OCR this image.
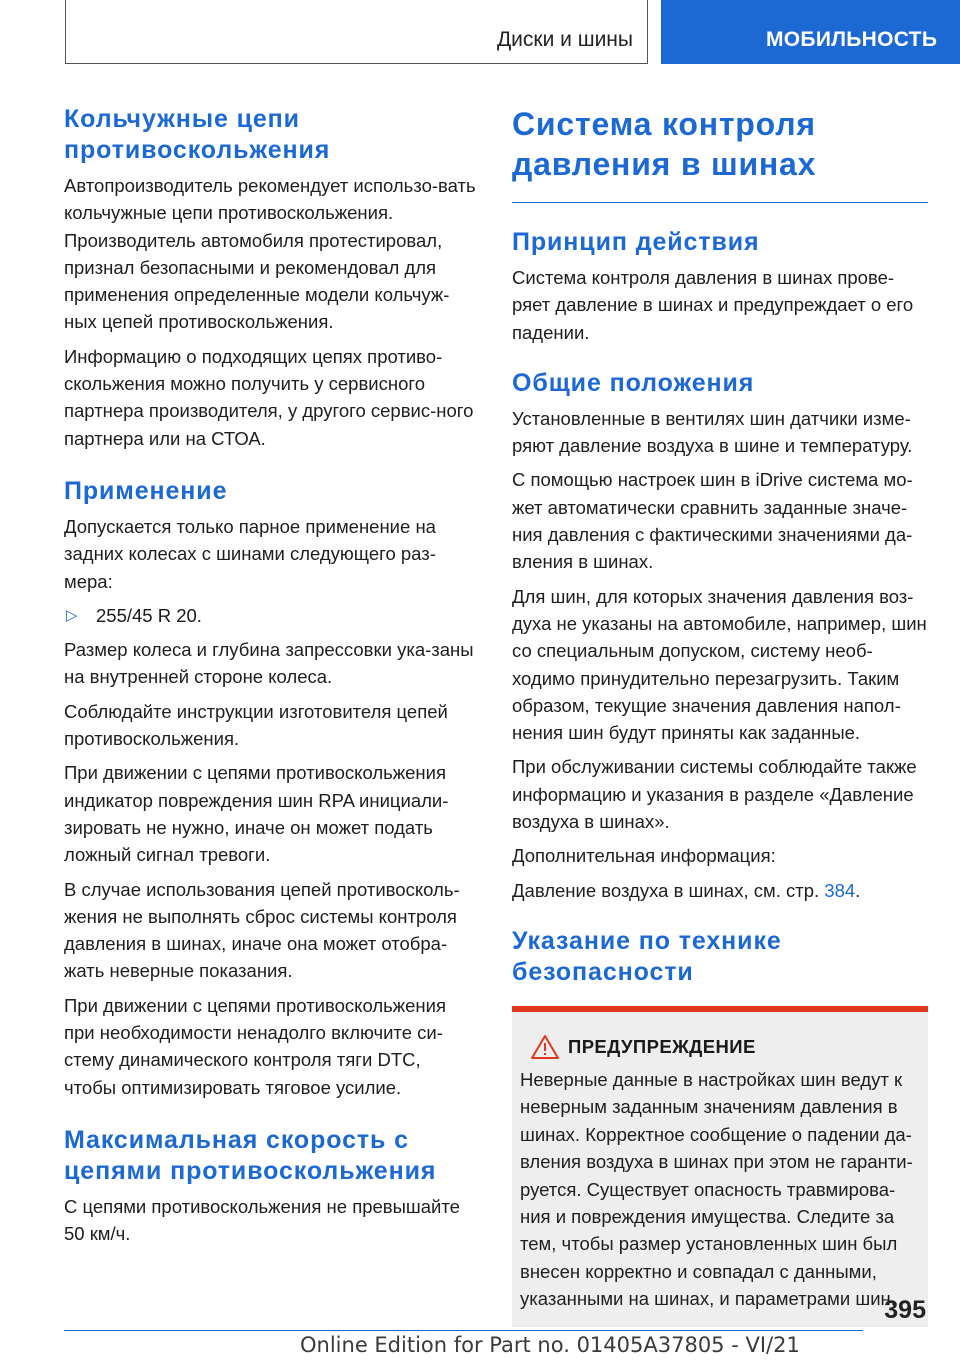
Диски и шины	МОБИЛЬНОСТЬ
Кольчужные цепи противоскольжения

Автопроизводитель рекомендует использо-вать кольчужные цепи противоскольжения. Производитель автомобиля протестировал, признал безопасными и рекомендовал для применения определенные модели кольчуж-ных цепей противоскольжения.

Информацию о подходящих цепях противо-скольжения можно получить у сервисного партнера производителя, у другого сервис-ного партнера или на СТОА.

Применение

Допускается только парное применение на задних колесах с шинами следующего раз-мера:

▷ 255/45 R 20.

Размер колеса и глубина запрессовки ука-заны на внутренней стороне колеса.

Соблюдайте инструкции изготовителя цепей противоскольжения.

При движении с цепями противоскольжения индикатор повреждения шин RPA инициали-зировать не нужно, иначе он может подать ложный сигнал тревоги.

В случае использования цепей противосколь-жения не выполнять сброс системы контроля давления в шинах, иначе она может отобра-жать неверные показания.

При движении с цепями противоскольжения при необходимости ненадолго включите си-стему динамического контроля тяги DTC, чтобы оптимизировать тяговое усилие.

Максимальная скорость с цепями противоскольжения

С цепями противоскольжения не превышайте 50 км/ч.

Система контроля давления в шинах
Принцип действия

Система контроля давления в шинах прове-ряет давление в шинах и предупреждает о его падении.

Общие положения

Установленные в вентилях шин датчики изме-ряют давление воздуха в шине и температуру.

С помощью настроек шин в iDrive система мо-жет автоматически сравнить заданные значе-ния давления с фактическими значениями да-вления в шинах.

Для шин, для которых значения давления воз-духа не указаны на автомобиле, например, шин со специальным допуском, систему необ-ходимо принудительно перезагрузить. Таким образом, текущие значения давления напол-нения шин будут приняты как заданные.

При обслуживании системы соблюдайте также информацию и указания в разделе «Давление воздуха в шинах».

Дополнительная информация:

Давление воздуха в шинах, см. стр. 384.

Указание по технике безопасности
ПРЕДУПРЕЖДЕНИЕ

Неверные данные в настройках шин ведут к неверным заданным значениям давления в шинах. Корректное сообщение о падении да-вления воздуха в шинах при этом не гаранти-руется. Существует опасность травмирова-ния и повреждения имущества. Следите за тем, чтобы размер установленных шин был внесен корректно и совпадал с данными, указанными на шинах, и параметрами шин.

395
Online Edition for Part no. 01405A37805 - VI/21
